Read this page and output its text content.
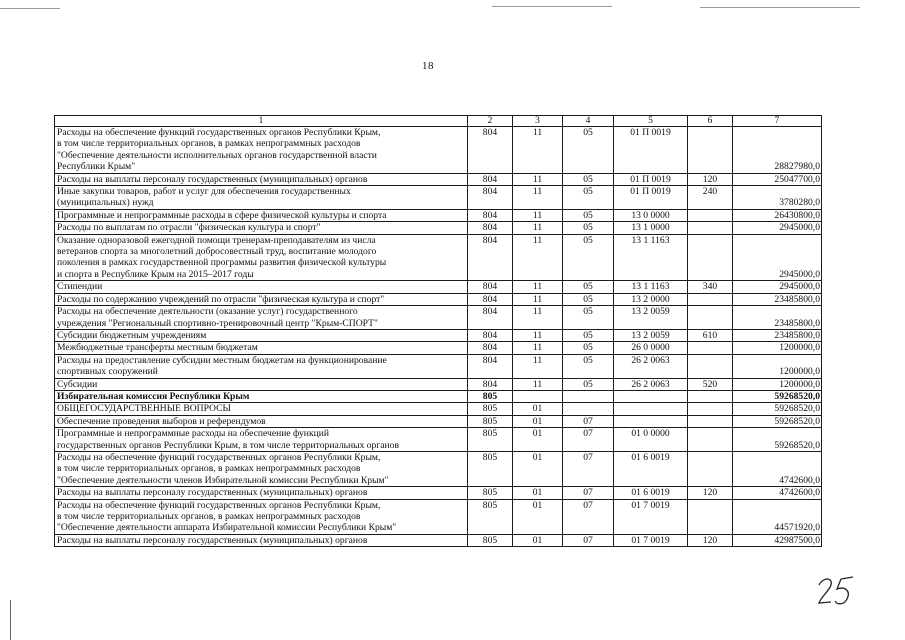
18
1	2	3	4	5	6	7

Расходы на обеспечение функций государственных органов Республики Крым,
в том числе территориальных органов, в рамках непрограммных расходов
"Обеспечение деятельности исполнительных органов государственной власти
Республики Крым"	804	11	05	01 П 0019		28827980,0

Расходы на выплаты персоналу государственных (муниципальных) органов	804	11	05	01 П 0019	120	25047700,0

Иные закупки товаров, работ и услуг для обеспечения государственных
(муниципальных) нужд	804	11	05	01 П 0019	240	3780280,0

Программные и непрограммные расходы в сфере физической культуры и спорта	804	11	05	13 0 0000		26430800,0

Расходы по выплатам по отрасли "физическая культура и спорт"	804	11	05	13 1 0000		2945000,0

Оказание одноразовой ежегодной помощи тренерам-преподавателям из числа
ветеранов спорта за многолетний добросовестный труд, воспитание молодого
поколения в рамках государственной программы развития физической культуры
и спорта в Республике Крым на 2015–2017 годы	804	11	05	13 1 1163		2945000,0

Стипендии	804	11	05	13 1 1163	340	2945000,0

Расходы по содержанию учреждений по отрасли "физическая культура и спорт"	804	11	05	13 2 0000		23485800,0

Расходы на обеспечение деятельности (оказание услуг) государственного
учреждения "Региональный спортивно-тренировочный центр "Крым-СПОРТ"	804	11	05	13 2 0059		23485800,0

Субсидии бюджетным учреждениям	804	11	05	13 2 0059	610	23485800,0

Межбюджетные трансферты местным бюджетам	804	11	05	26 0 0000		1200000,0

Расходы на предоставление субсидии местным бюджетам на функционирование
спортивных сооружений	804	11	05	26 2 0063		1200000,0

Субсидии	804	11	05	26 2 0063	520	1200000,0

Избирательная комиссия Республики Крым	805					59268520,0

ОБЩЕГОСУДАРСТВЕННЫЕ ВОПРОСЫ	805	01				59268520,0

Обеспечение проведения выборов и референдумов	805	01	07			59268520,0

Программные и непрограммные расходы на обеспечение функций
государственных органов Республики Крым, в том числе территориальных органов	805	01	07	01 0 0000		59268520,0

Расходы на обеспечение функций государственных органов Республики Крым,
в том числе территориальных органов, в рамках непрограммных расходов
"Обеспечение деятельности членов Избирательной комиссии Республики Крым"	805	01	07	01 6 0019		4742600,0

Расходы на выплаты персоналу государственных (муниципальных) органов	805	01	07	01 6 0019	120	4742600,0

Расходы на обеспечение функций государственных органов Республики Крым,
в том числе территориальных органов, в рамках непрограммных расходов
"Обеспечение деятельности аппарата Избирательной комиссии Республики Крым"	805	01	07	01 7 0019		44571920,0

Расходы на выплаты персоналу государственных (муниципальных) органов	805	01	07	01 7 0019	120	42987500,0
